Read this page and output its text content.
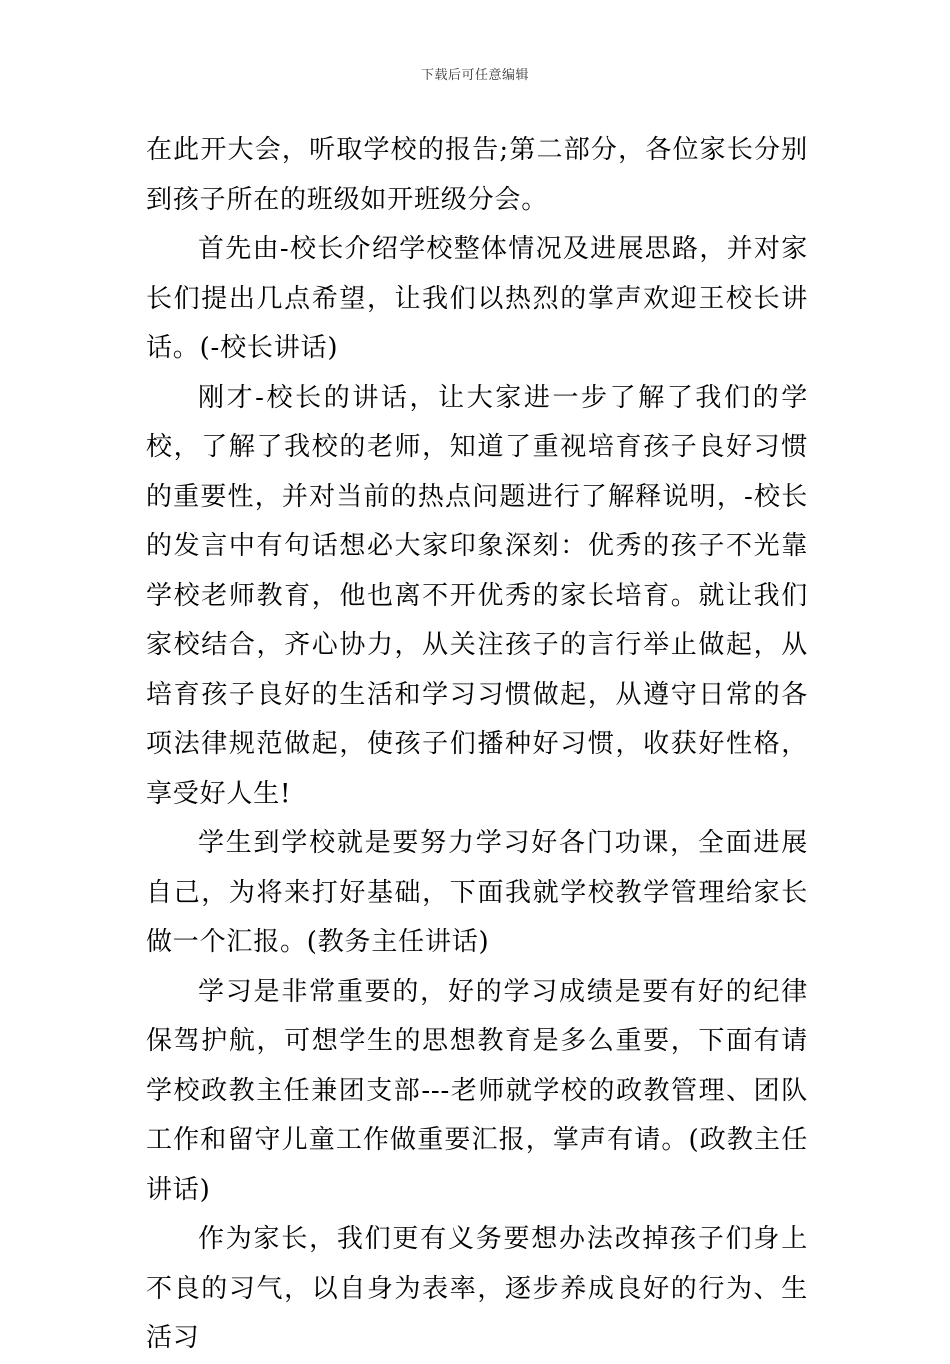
下载后可任意编辑

在此开大会，听取学校的报告;第二部分，各位家长分别到孩子所在的班级如开班级分会。

首先由-校长介绍学校整体情况及进展思路，并对家长们提出几点希望，让我们以热烈的掌声欢迎王校长讲话。(-校长讲话)

刚才-校长的讲话，让大家进一步了解了我们的学校，了解了我校的老师，知道了重视培育孩子良好习惯的重要性，并对当前的热点问题进行了解释说明，-校长的发言中有句话想必大家印象深刻：优秀的孩子不光靠学校老师教育，他也离不开优秀的家长培育。就让我们家校结合，齐心协力，从关注孩子的言行举止做起，从培育孩子良好的生活和学习习惯做起，从遵守日常的各项法律规范做起，使孩子们播种好习惯，收获好性格，享受好人生!

学生到学校就是要努力学习好各门功课，全面进展自己，为将来打好基础，下面我就学校教学管理给家长做一个汇报。(教务主任讲话)

学习是非常重要的，好的学习成绩是要有好的纪律保驾护航，可想学生的思想教育是多么重要，下面有请学校政教主任兼团支部---老师就学校的政教管理、团队工作和留守儿童工作做重要汇报，掌声有请。(政教主任讲话)

作为家长，我们更有义务要想办法改掉孩子们身上不良的习气，以自身为表率，逐步养成良好的行为、生活习
